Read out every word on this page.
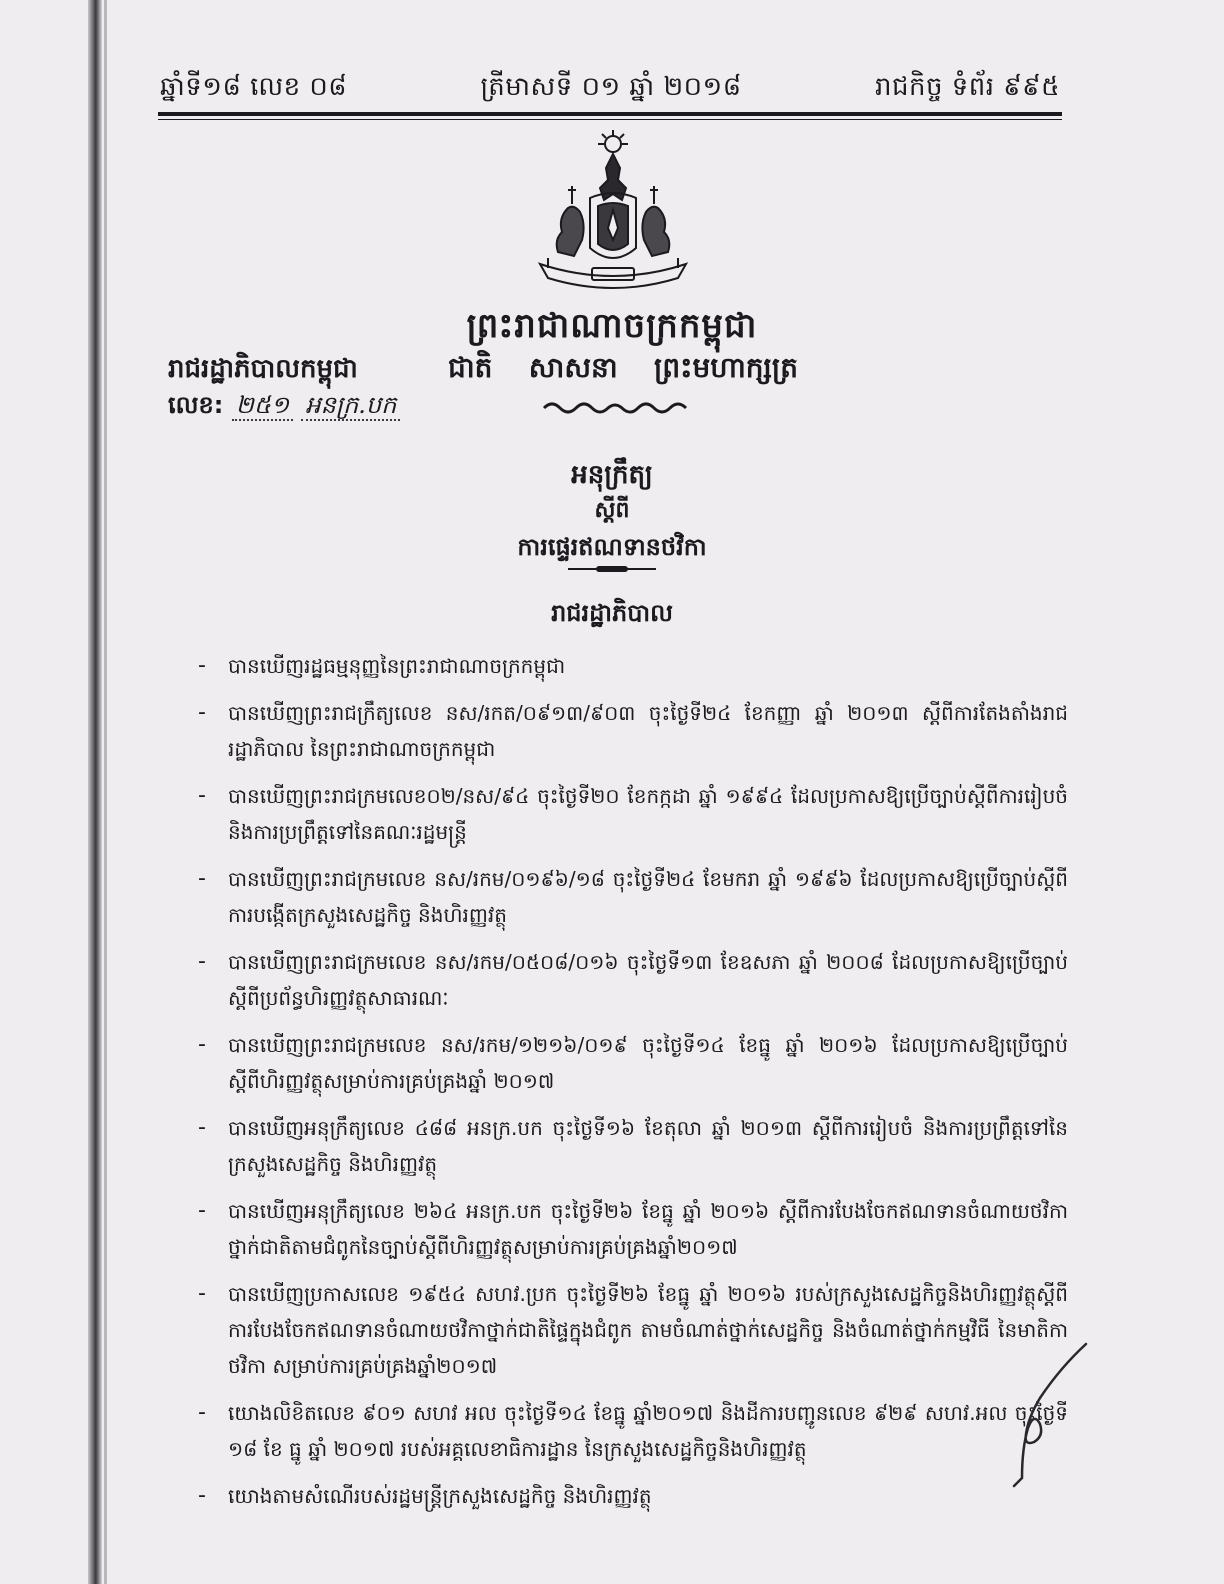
ឆ្នាំទី១៨ លេខ ០៨	ត្រីមាសទី ០១ ឆ្នាំ ២០១៨	រាជកិច្ច ទំព័រ ៩៩៥
ព្រះរាជាណាចក្រកម្ពុជា
ជាតិ សាសនា ព្រះមហាក្សត្រ
រាជរដ្ឋាភិបាលកម្ពុជា
លេខ: ២៥១ អនក្រ.បក
អនុក្រឹត្យ
ស្តីពី
ការផ្ទេរឥណទានថវិកា
រាជរដ្ឋាភិបាល
- បានឃើញរដ្ឋធម្មនុញ្ញនៃព្រះរាជាណាចក្រកម្ពុជា
- បានឃើញព្រះរាជក្រឹត្យលេខ នស/រកត/០៩១៣/៩០៣ ចុះថ្ងៃទី២៤ ខែកញ្ញា ឆ្នាំ ២០១៣ ស្តីពីការតែងតាំងរាជរដ្ឋាភិបាល នៃព្រះរាជាណាចក្រកម្ពុជា
- បានឃើញព្រះរាជក្រមលេខ០២/នស/៩៤ ចុះថ្ងៃទី២០ ខែកក្កដា ឆ្នាំ ១៩៩៤ ដែលប្រកាសឱ្យប្រើច្បាប់ស្តីពីការរៀបចំ និងការប្រព្រឹត្តទៅនៃគណៈរដ្ឋមន្ត្រី
- បានឃើញព្រះរាជក្រមលេខ នស/រកម/០១៩៦/១៨ ចុះថ្ងៃទី២៤ ខែមករា ឆ្នាំ ១៩៩៦ ដែលប្រកាសឱ្យប្រើច្បាប់ស្តីពីការបង្កើតក្រសួងសេដ្ឋកិច្ច និងហិរញ្ញវត្ថុ
- បានឃើញព្រះរាជក្រមលេខ នស/រកម/០៥០៨/០១៦ ចុះថ្ងៃទី១៣ ខែឧសភា ឆ្នាំ ២០០៨ ដែលប្រកាសឱ្យប្រើច្បាប់ស្តីពីប្រព័ន្ធហិរញ្ញវត្ថុសាធារណៈ
- បានឃើញព្រះរាជក្រមលេខ នស/រកម/១២១៦/០១៩ ចុះថ្ងៃទី១៤ ខែធ្នូ ឆ្នាំ ២០១៦ ដែលប្រកាសឱ្យប្រើច្បាប់ស្តីពីហិរញ្ញវត្ថុសម្រាប់ការគ្រប់គ្រងឆ្នាំ ២០១៧
- បានឃើញអនុក្រឹត្យលេខ ៤៨៨ អនក្រ.បក ចុះថ្ងៃទី១៦ ខែតុលា ឆ្នាំ ២០១៣ ស្តីពីការរៀបចំ និងការប្រព្រឹត្តទៅនៃក្រសួងសេដ្ឋកិច្ច និងហិរញ្ញវត្ថុ
- បានឃើញអនុក្រឹត្យលេខ ២៦៤ អនក្រ.បក ចុះថ្ងៃទី២៦ ខែធ្នូ ឆ្នាំ ២០១៦ ស្តីពីការបែងចែកឥណទានចំណាយថវិកាថ្នាក់ជាតិតាមជំពូកនៃច្បាប់ស្តីពីហិរញ្ញវត្ថុសម្រាប់ការគ្រប់គ្រងឆ្នាំ២០១៧
- បានឃើញប្រកាសលេខ ១៩៥៤ សហវ.ប្រក ចុះថ្ងៃទី២៦ ខែធ្នូ ឆ្នាំ ២០១៦ របស់ក្រសួងសេដ្ឋកិច្ចនិងហិរញ្ញវត្ថុស្តីពីការបែងចែកឥណទានចំណាយថវិកាថ្នាក់ជាតិផ្ទៃក្នុងជំពូក តាមចំណាត់ថ្នាក់សេដ្ឋកិច្ច និងចំណាត់ថ្នាក់កម្មវិធី នៃមាតិកាថវិកា សម្រាប់ការគ្រប់គ្រងឆ្នាំ២០១៧
- យោងលិខិតលេខ ៩០១ សហវ អល ចុះថ្ងៃទី១៤ ខែធ្នូ ឆ្នាំ២០១៧ និងដីការបញ្ជូនលេខ ៩២៩ សហវ.អល ចុះថ្ងៃទី ១៨ ខែ ធ្នូ ឆ្នាំ ២០១៧ របស់អគ្គលេខាធិការដ្ឋាន នៃក្រសួងសេដ្ឋកិច្ចនិងហិរញ្ញវត្ថុ
- យោងតាមសំណើរបស់រដ្ឋមន្ត្រីក្រសួងសេដ្ឋកិច្ច និងហិរញ្ញវត្ថុ
